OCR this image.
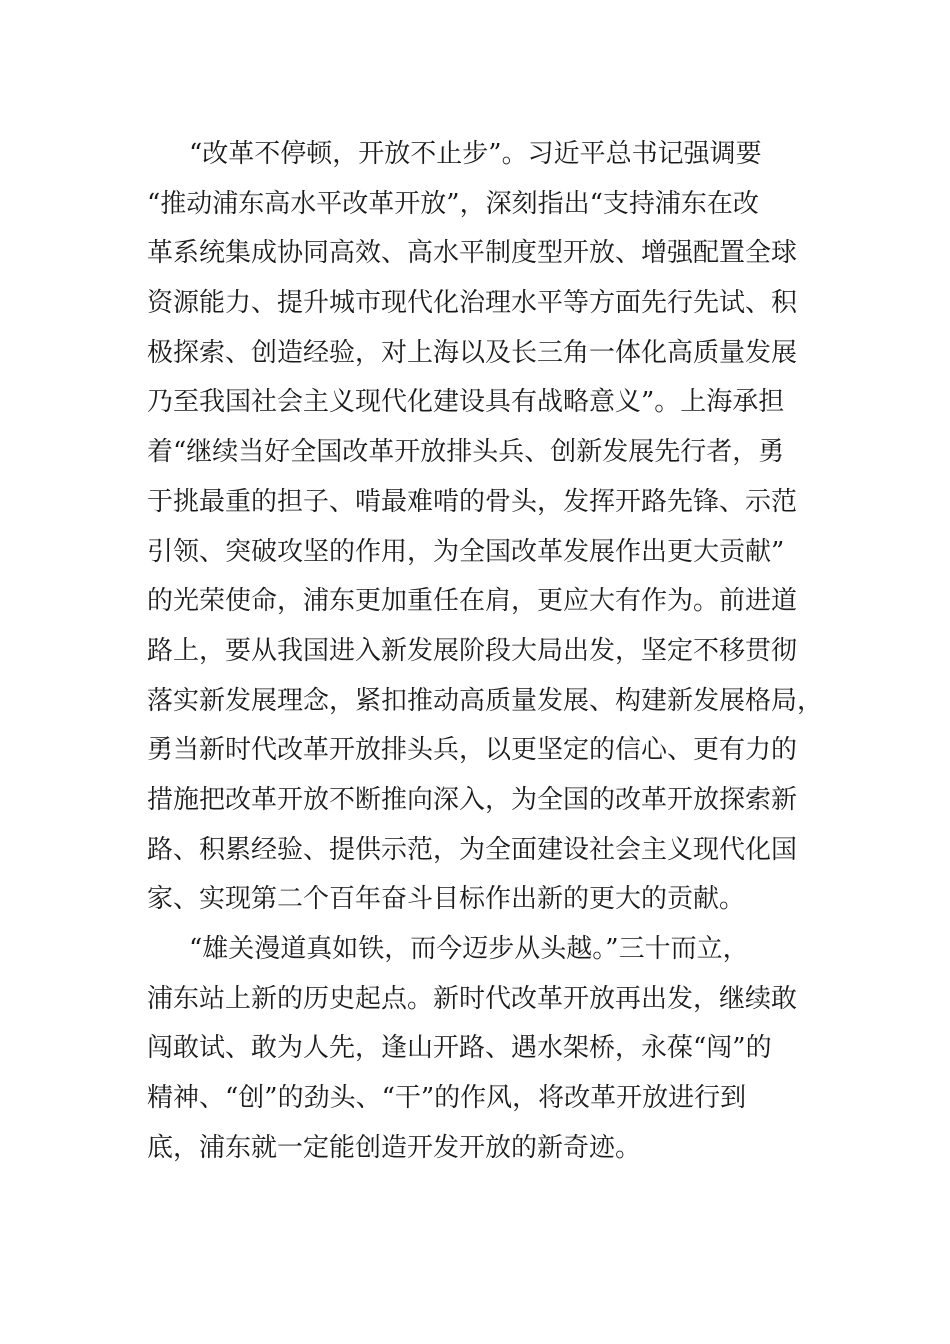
“改革不停顿，开放不止步”。习近平总书记强调要
“推动浦东高水平改革开放”，深刻指出“支持浦东在改
革系统集成协同高效、高水平制度型开放、增强配置全球
资源能力、提升城市现代化治理水平等方面先行先试、积
极探索、创造经验，对上海以及长三角一体化高质量发展
乃至我国社会主义现代化建设具有战略意义”。上海承担
着“继续当好全国改革开放排头兵、创新发展先行者，勇
于挑最重的担子、啃最难啃的骨头，发挥开路先锋、示范
引领、突破攻坚的作用，为全国改革发展作出更大贡献”
的光荣使命，浦东更加重任在肩，更应大有作为。前进道
路上，要从我国进入新发展阶段大局出发，坚定不移贯彻
落实新发展理念，紧扣推动高质量发展、构建新发展格局，
勇当新时代改革开放排头兵，以更坚定的信心、更有力的
措施把改革开放不断推向深入，为全国的改革开放探索新
路、积累经验、提供示范，为全面建设社会主义现代化国
家、实现第二个百年奋斗目标作出新的更大的贡献。
“雄关漫道真如铁，而今迈步从头越。”三十而立，
浦东站上新的历史起点。新时代改革开放再出发，继续敢
闯敢试、敢为人先，逢山开路、遇水架桥，永葆“闯”的
精神、“创”的劲头、“干”的作风，将改革开放进行到
底，浦东就一定能创造开发开放的新奇迹。
